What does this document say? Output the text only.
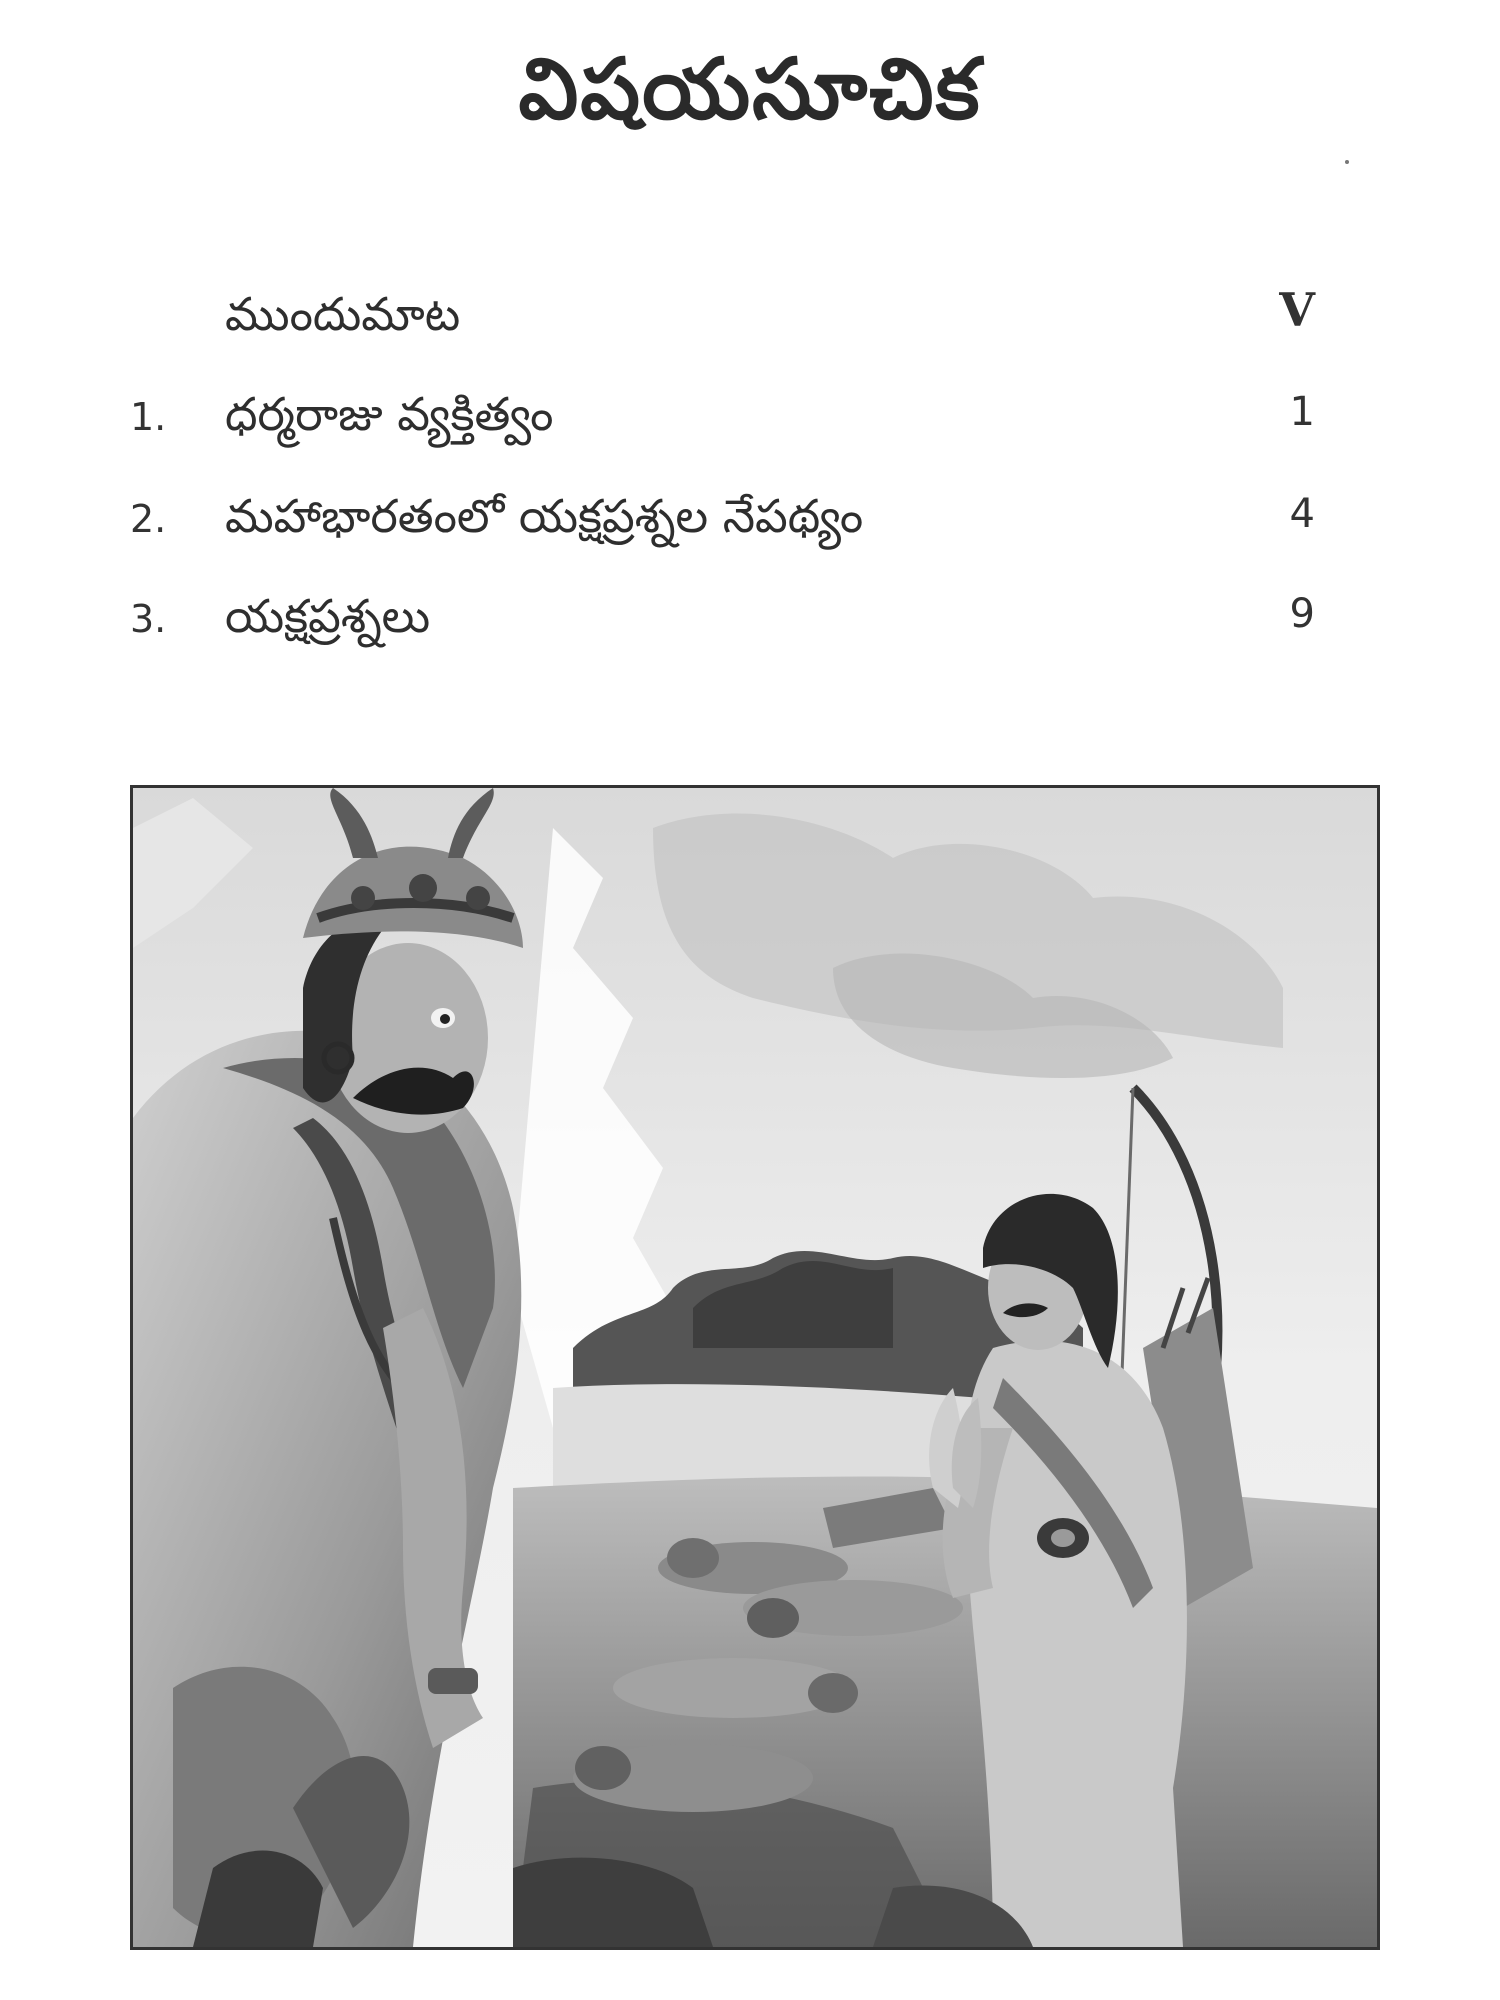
విషయసూచిక
ముందుమాట	V
1. ధర్మరాజు వ్యక్తిత్వం	1
2. మహాభారతంలో యక్షప్రశ్నల నేపథ్యం	4
3. యక్షప్రశ్నలు	9
